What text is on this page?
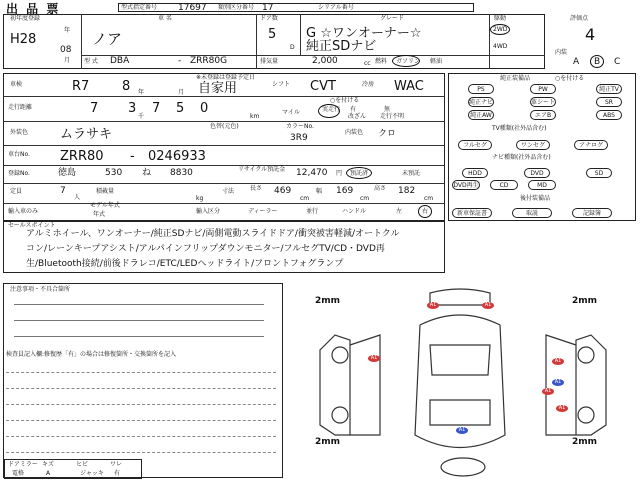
出 品 票	型式指定番号 17697 類別区分番号 17	シリアル番号
初年度登録
H28
年
08
月
車 名
ノア
ドア数
5
D
グレード
G ☆ワンオーナー☆
純正SDナビ
駆動
2WD
4WD
評価点
4
型 式 DBA	- ZRR80G	排気量	2,000	cc 燃料 ガソリン 軽油
内装
A B C
車検	R7	8 年	月
※未登録は登録予定日
自家用	シフト CVT	冷房 WAC
走行距離	7 3
千
7 5 0
km
○を付ける
マイル	実走行 有
改ざん
無
走行不明
外装色 ムラサキ
色替(元色)	カラーNo.
3R9
内装色 クロ
車台No. ZRR80 - 0246933
登録No.	徳島	530 ね 8830	リサイクル預託金 12,470 円 預託済	未預託
定員	7
人
積載量
kg
寸法	長さ 469
cm
幅 169
cm
高さ 182
cm
輸入車のみ
モデル年式
年式	輸入区分	ディーラー	並行	ハンドル	左	右
セールスポイント
アルミホイール、ワンオーナー/純正SDナビ/両側電動スライドドア/衝突被害軽減/オートクル
コン/レーンキープアシスト/アルパインフリップダウンモニター/フルセグTV/CD・DVD再
生/Bluetooth接続/前後ドラレコ/ETC/LEDヘッドライト/フロントフォグランプ
純正装備品	○を付ける
PS	PW	純正TV
純正ナビ	革シート	SR
純正AW	エアB	ABS
TV種類(社外品含む)
フルセグ	ワンセグ	アナログ
ナビ種類(社外品含む)
HDD	DVD	SD
DVD再生	CD	MD
後付装備品
新車保証書	取説	記録簿
注意事項・不具合箇所
検査員記入欄:修復歴「有」の場合は修復箇所・交換箇所を記入
ドアミラー
電格
キズ
A
ヒビ
ジャッキ
ワレ
有
2mm	2mm
2mm	2mm
A1	A1
A1	A1
A1
A1
A1
A1
